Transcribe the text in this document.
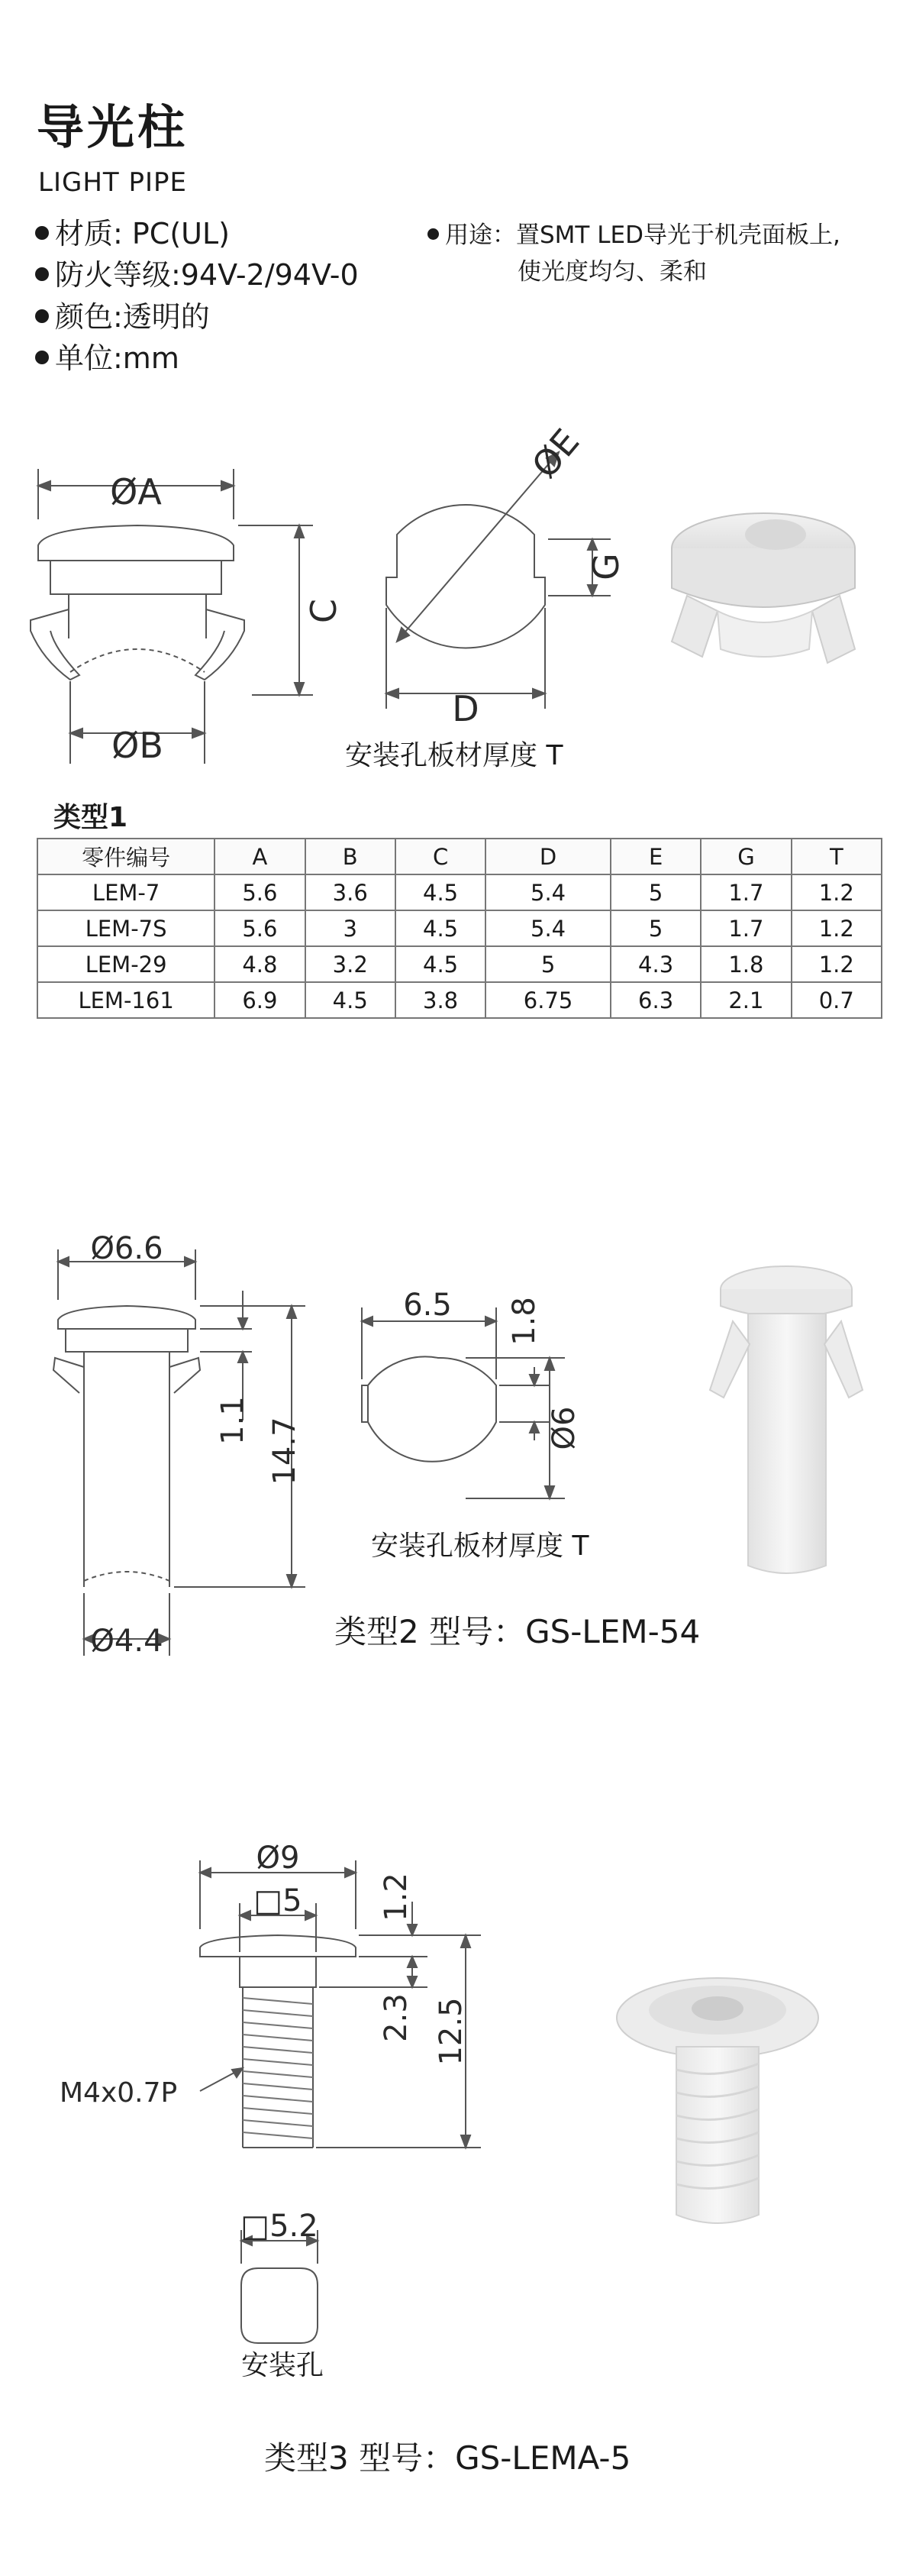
导光柱
LIGHT PIPE
材质: PC(UL)
防火等级:94V-2/94V-0
颜色:透明的
单位:mm
用途：置SMT LED导光于机壳面板上,
使光度均匀、柔和
ØA
ØB
C
D
ØE
G
安装孔板材厚度 T
类型1
零件编号	A	B	C	D	E	G	T
LEM-7	5.6	3.6	4.5	5.4	5	1.7	1.2
LEM-7S	5.6	3	4.5	5.4	5	1.7	1.2
LEM-29	4.8	3.2	4.5	5	4.3	1.8	1.2
LEM-161	6.9	4.5	3.8	6.75	6.3	2.1	0.7
Ø6.6
Ø4.4
1.1 14.7
6.5 1.8
Ø6
安装孔板材厚度 T
类型2 型号：GS-LEM-54
Ø9
□5	1.2
2.3 12.5
M4x0.7P
□5.2
安装孔
类型3 型号：GS-LEMA-5
